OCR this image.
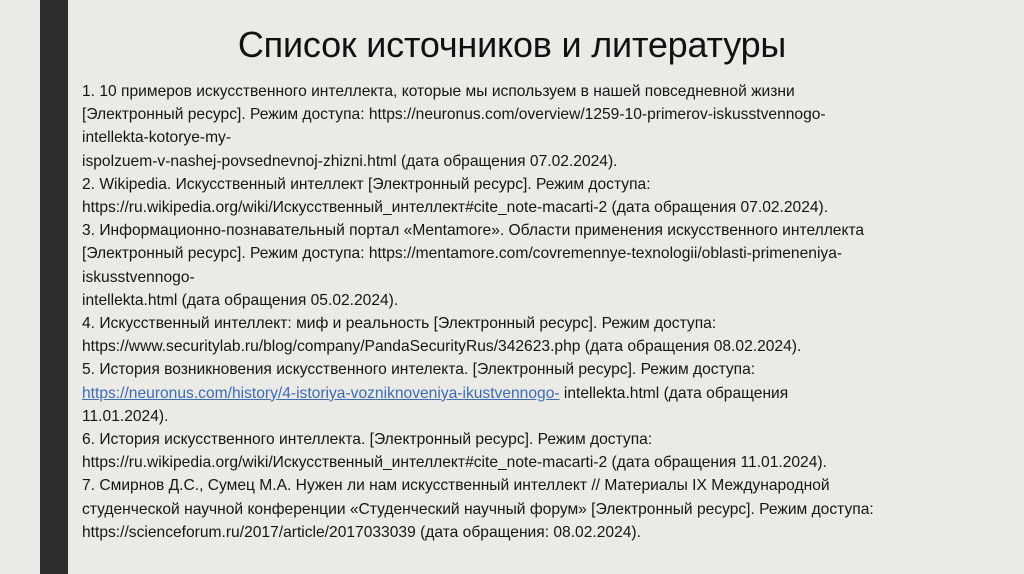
Список источников и литературы
1. 10 примеров искусственного интеллекта, которые мы используем в нашей повседневной жизни
[Электронный ресурс]. Режим доступа: https://neuronus.com/overview/1259-10-primerov-iskusstvennogo-
intellekta-kotorye-my-
ispolzuem-v-nashej-povsednevnoj-zhizni.html (дата обращения 07.02.2024).
2. Wikipedia. Искусственный интеллект [Электронный ресурс]. Режим доступа:
https://ru.wikipedia.org/wiki/Искусственный_интеллект#cite_note-macarti-2 (дата обращения 07.02.2024).
3. Информационно-познавательный портал «Mentamore». Области применения искусственного интеллекта
[Электронный ресурс]. Режим доступа: https://mentamore.com/covremennye-texnologii/oblasti-primeneniya-
iskusstvennogo-
intellekta.html (дата обращения 05.02.2024).
4. Искусственный интеллект: миф и реальность [Электронный ресурс]. Режим доступа:
https://www.securitylab.ru/blog/company/PandaSecurityRus/342623.php (дата обращения 08.02.2024).
5. История возникновения искусственного интелекта. [Электронный ресурс]. Режим доступа:
https://neuronus.com/history/4-istoriya-vozniknoveniya-ikustvennogo- intellekta.html (дата обращения
11.01.2024).
6. История искусственного интеллекта. [Электронный ресурс]. Режим доступа:
https://ru.wikipedia.org/wiki/Искусственный_интеллект#cite_note-macarti-2 (дата обращения 11.01.2024).
7. Смирнов Д.С., Сумец М.А. Нужен ли нам искусственный интеллект // Материалы IX Международной
студенческой научной конференции «Студенческий научный форум» [Электронный ресурс]. Режим доступа:
https://scienceforum.ru/2017/article/2017033039 (дата обращения: 08.02.2024).
